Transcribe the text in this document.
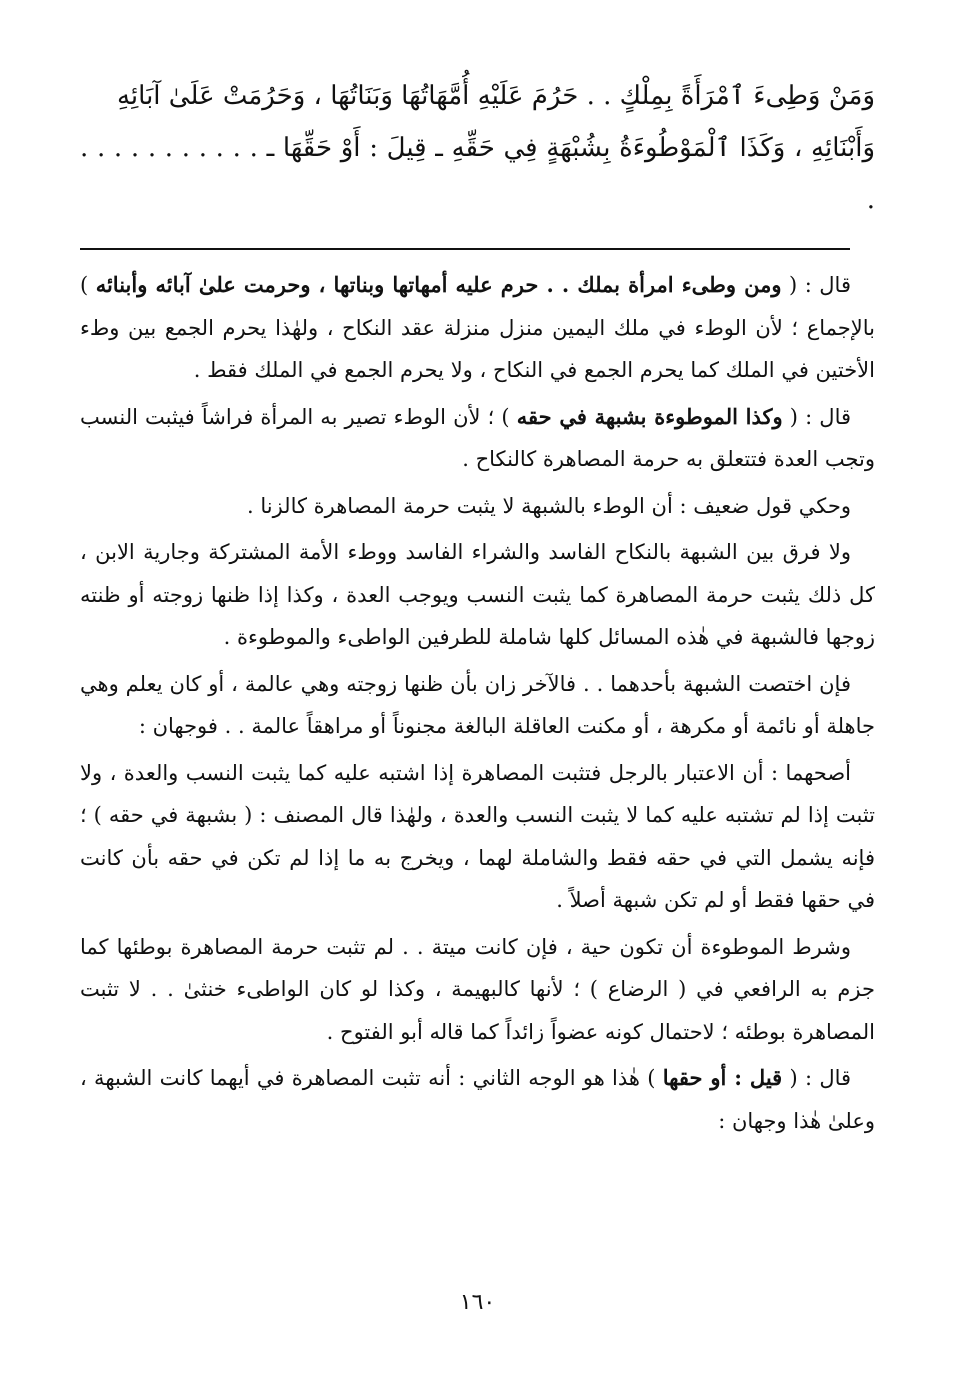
وَمَنْ وَطِىءَ ٱمْرَأَةً بِمِلْكٍ . . حَرُمَ عَلَيْهِ أُمَّهَاتُهَا وَبَنَاتُهَا ، وَحَرُمَتْ عَلَىٰ آبَائِهِ

وَأَبْنَائِهِ ، وَكَذَا ٱلْمَوْطُوءَةُ بِشُبْهَةٍ فِي حَقِّهِ ـ قِيلَ : أَوْ حَقِّهَا ـ . . . . . . . . . . . .

قال : ( ومن وطىء امرأة بملك . . حرم عليه أمهاتها وبناتها ، وحرمت علىٰ آبائه وأبنائه ) بالإجماع ؛ لأن الوطء في ملك اليمين منزل منزلة عقد النكاح ، ولهٰذا يحرم الجمع بين وطء الأختين في الملك كما يحرم الجمع في النكاح ، ولا يحرم الجمع في الملك فقط .

قال : ( وكذا الموطوءة بشبهة في حقه ) ؛ لأن الوطء تصير به المرأة فراشاً فيثبت النسب وتجب العدة فتتعلق به حرمة المصاهرة كالنكاح .

وحكي قول ضعيف : أن الوطء بالشبهة لا يثبت حرمة المصاهرة كالزنا .

ولا فرق بين الشبهة بالنكاح الفاسد والشراء الفاسد ووطء الأمة المشتركة وجارية الابن ، كل ذلك يثبت حرمة المصاهرة كما يثبت النسب ويوجب العدة ، وكذا إذا ظنها زوجته أو ظنته زوجها فالشبهة في هٰذه المسائل كلها شاملة للطرفين الواطىء والموطوءة .

فإن اختصت الشبهة بأحدهما . . فالآخر زان بأن ظنها زوجته وهي عالمة ، أو كان يعلم وهي جاهلة أو نائمة أو مكرهة ، أو مكنت العاقلة البالغة مجنوناً أو مراهقاً عالمة . . فوجهان :

أصحهما : أن الاعتبار بالرجل فتثبت المصاهرة إذا اشتبه عليه كما يثبت النسب والعدة ، ولا تثبت إذا لم تشتبه عليه كما لا يثبت النسب والعدة ، ولهٰذا قال المصنف : ( بشبهة في حقه ) ؛ فإنه يشمل التي في حقه فقط والشاملة لهما ، ويخرج به ما إذا لم تكن في حقه بأن كانت في حقها فقط أو لم تكن شبهة أصلاً .

وشرط الموطوءة أن تكون حية ، فإن كانت ميتة . . لم تثبت حرمة المصاهرة بوطئها كما جزم به الرافعي في ( الرضاع ) ؛ لأنها كالبهيمة ، وكذا لو كان الواطىء خنثىٰ . . لا تثبت المصاهرة بوطئه ؛ لاحتمال كونه عضواً زائداً كما قاله أبو الفتوح .

قال : ( قيل : أو حقها ) هٰذا هو الوجه الثاني : أنه تثبت المصاهرة في أيهما كانت الشبهة ، وعلىٰ هٰذا وجهان :

١٦٠
